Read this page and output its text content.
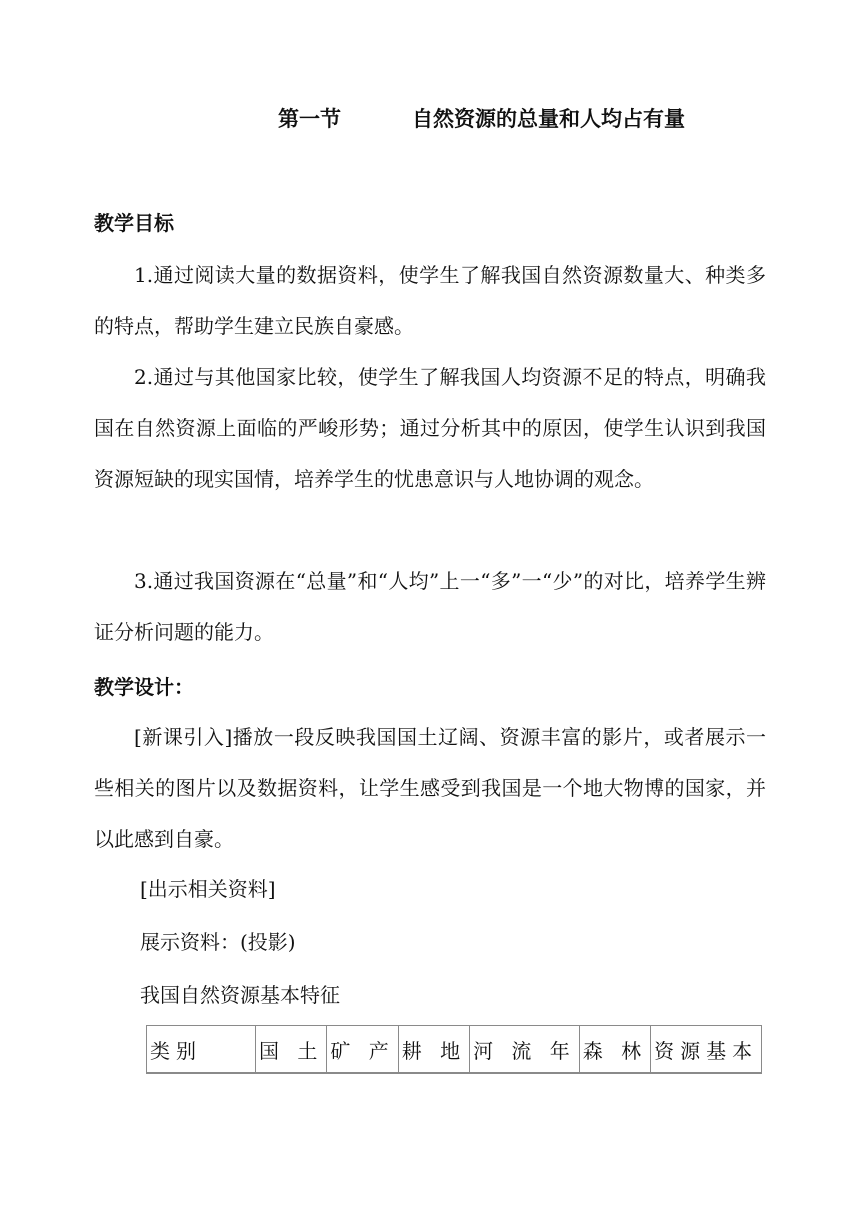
第一节	自然资源的总量和人均占有量
教学目标

1.通过阅读大量的数据资料，使学生了解我国自然资源数量大、种类多的特点，帮助学生建立民族自豪感。

2.通过与其他国家比较，使学生了解我国人均资源不足的特点，明确我国在自然资源上面临的严峻形势；通过分析其中的原因，使学生认识到我国资源短缺的现实国情，培养学生的忧患意识与人地协调的观念。

3.通过我国资源在“总量”和“人均”上一“多”一“少”的对比，培养学生辨证分析问题的能力。

教学设计：

[新课引入]播放一段反映我国国土辽阔、资源丰富的影片，或者展示一些相关的图片以及数据资料，让学生感受到我国是一个地大物博的国家，并以此感到自豪。

[出示相关资料]
展示资料：(投影)
我国自然资源基本特征
类别	国 土	矿 产	耕 地	河 流 年	森 林	资源基本
